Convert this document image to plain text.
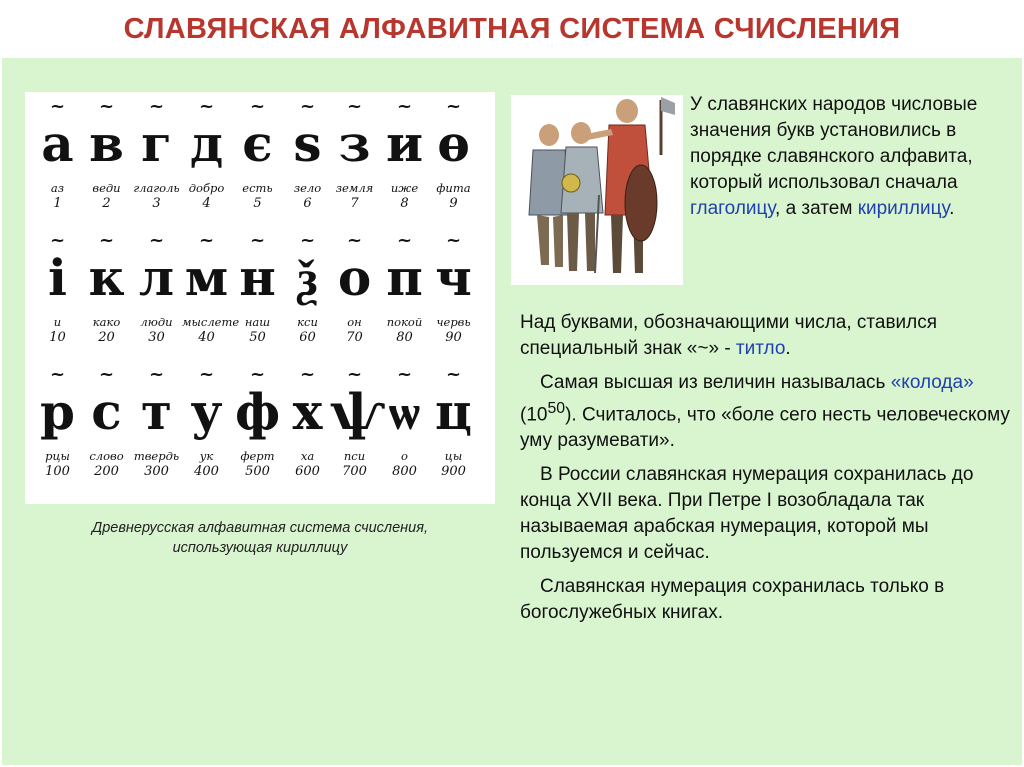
СЛАВЯНСКАЯ АЛФАВИТНАЯ СИСТЕМА СЧИСЛЕНИЯ
~
а
аз
1
~
в
веди
2
~
г
глаголь
3
~
д
добро
4
~
є
есть
5
~
ѕ
зело
6
~
з
земля
7
~
и
иже
8
~
ѳ
фита
9
~
і
и
10
~
к
како
20
~
л
люди
30
~
м
мыслете
40
~
н
наш
50
~
ѯ
кси
60
~
о
он
70
~
п
покой
80
~
ч
червь
90
~
р
рцы
100
~
с
слово
200
~
т
твердь
300
~
у
ук
400
~
ф
ферт
500
~
х
ха
600
~
ѱ
пси
700
~
ѡ
о
800
~
ц
цы
900
Древнерусская алфавитная система счисления,
использующая кириллицу
У славянских народов числовые значения букв установились в порядке славянского алфавита, который использовал сначала глаголицу, а затем кириллицу.

Над буквами, обозначающими числа, ставился специальный знак «~» - титло.

Самая высшая из величин называлась «колода» $(10^{50})$. Считалось, что «боле сего несть человеческому уму разумевати».

В России славянская нумерация сохранилась до конца XVII века. При Петре I возобладала так называемая арабская нумерация, которой мы пользуемся и сейчас.

Славянская нумерация сохранилась только в богослужебных книгах.
